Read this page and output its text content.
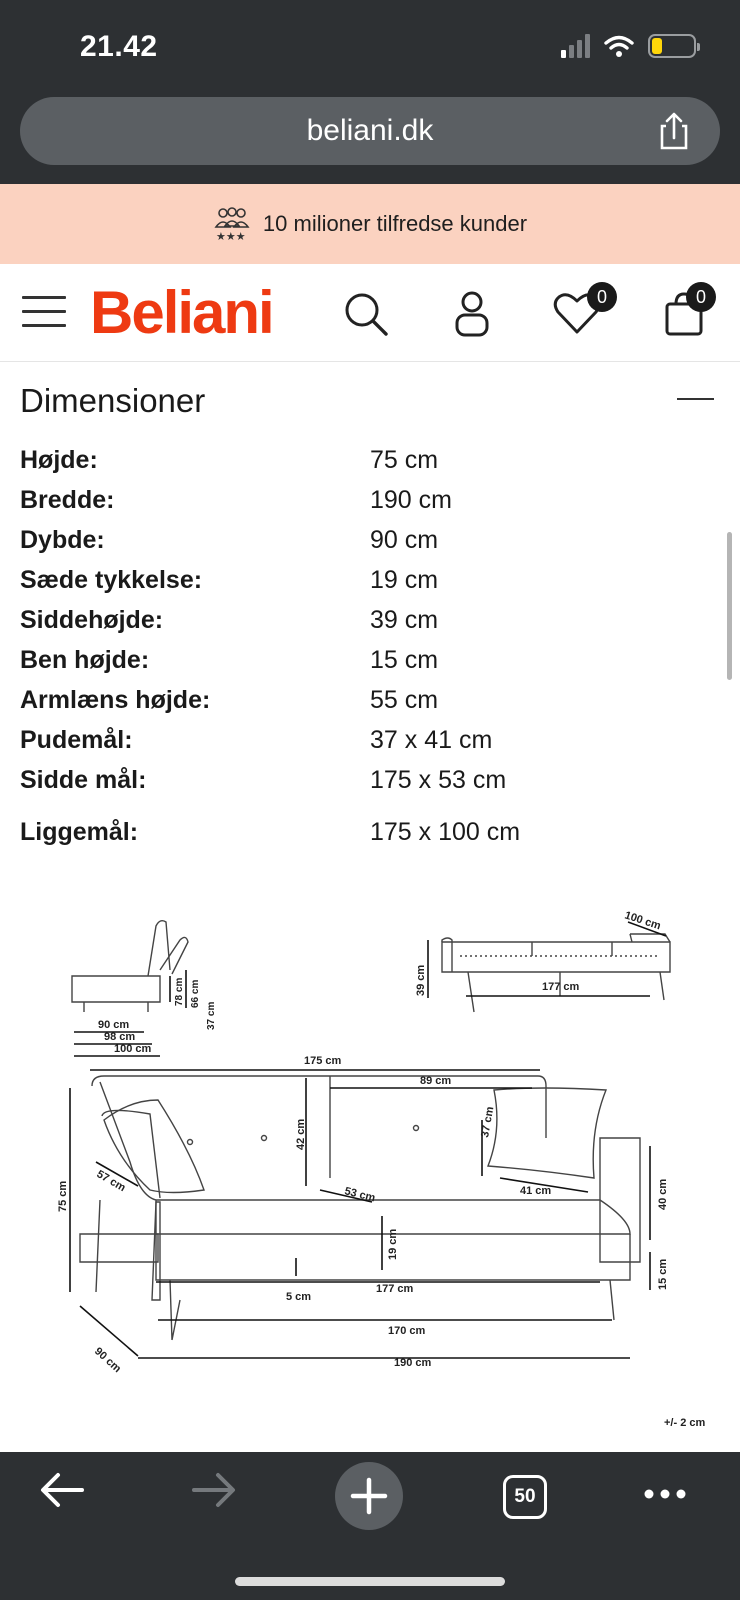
21.42
beliani.dk
★★★
10 milioner tilfredse kunder
Beliani	0	0
Dimensioner
Højde:	75 cm
Bredde:	190 cm
Dybde:	90 cm
Sæde tykkelse:	19 cm
Siddehøjde:	39 cm
Ben højde:	15 cm
Armlæns højde:	55 cm
Pudemål:	37 x 41 cm
Sidde mål:	175 x 53 cm
Liggemål:	175 x 100 cm
90 cm
98 cm
100 cm
78 cm 66 cm
37 cm
100 cm
177 cm
39 cm
175 cm
89 cm
42 cm	37 cm
41 cm
57 cm
75 cm	53 cm
19 cm
40 cm
15 cm
5 cm
177 cm
170 cm
190 cm
90 cm
+/- 2 cm
50
